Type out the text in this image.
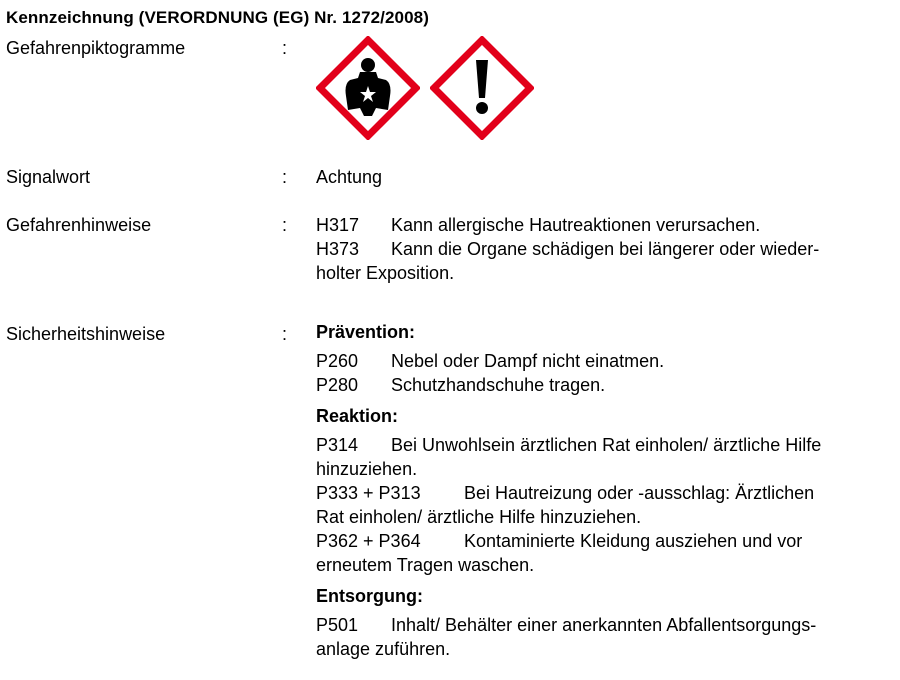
Kennzeichnung (VERORDNUNG (EG) Nr. 1272/2008)
Gefahrenpiktogramme	:

Signalwort	: Achtung
Gefahrenhinweise	: H317 Kann allergische Hautreaktionen verursachen.
H373 Kann die Organe schädigen bei längerer oder wieder-
holter Exposition.
Sicherheitshinweise	: Prävention:
P260 Nebel oder Dampf nicht einatmen.
P280 Schutzhandschuhe tragen.
Reaktion:
P314 Bei Unwohlsein ärztlichen Rat einholen/ ärztliche Hilfe
hinzuziehen.
P333 + P313 Bei Hautreizung oder -ausschlag: Ärztlichen
Rat einholen/ ärztliche Hilfe hinzuziehen.
P362 + P364 Kontaminierte Kleidung ausziehen und vor
erneutem Tragen waschen.
Entsorgung:
P501 Inhalt/ Behälter einer anerkannten Abfallentsorgungs-
anlage zuführen.
